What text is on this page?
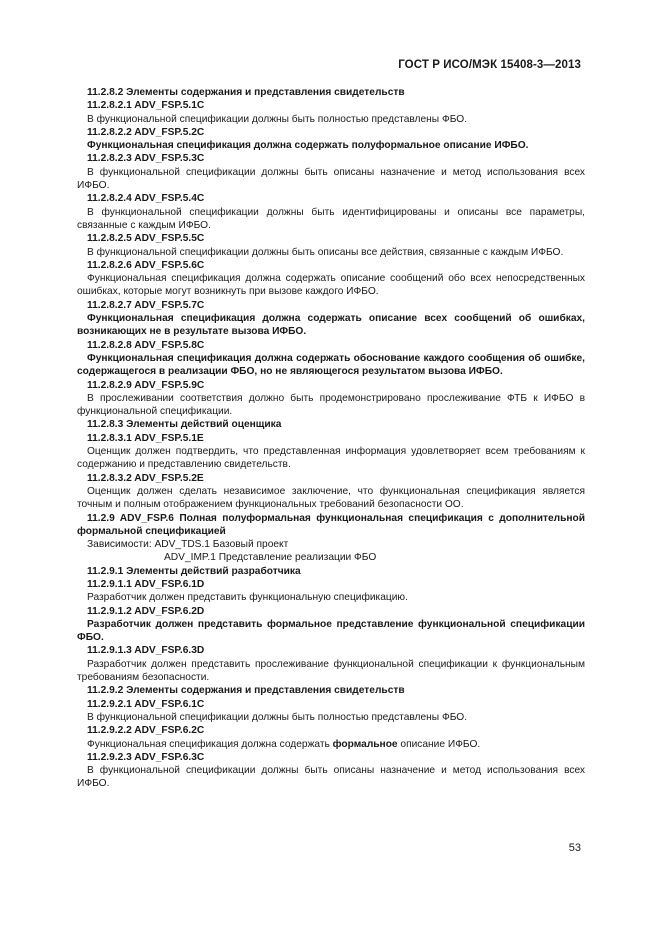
ГОСТ Р ИСО/МЭК 15408-3—2013
11.2.8.2 Элементы содержания и представления свидетельств
11.2.8.2.1 ADV_FSP.5.1C
В функциональной спецификации должны быть полностью представлены ФБО.
11.2.8.2.2 ADV_FSP.5.2C
Функциональная спецификация должна содержать полуформальное описание ИФБО.
11.2.8.2.3 ADV_FSP.5.3C
В функциональной спецификации должны быть описаны назначение и метод использования всех ИФБО.
11.2.8.2.4 ADV_FSP.5.4C
В функциональной спецификации должны быть идентифицированы и описаны все параметры, связанные с каждым ИФБО.
11.2.8.2.5 ADV_FSP.5.5C
В функциональной спецификации должны быть описаны все действия, связанные с каждым ИФБО.
11.2.8.2.6 ADV_FSP.5.6C
Функциональная спецификация должна содержать описание сообщений обо всех непосредственных ошибках, которые могут возникнуть при вызове каждого ИФБО.
11.2.8.2.7 ADV_FSP.5.7C
Функциональная спецификация должна содержать описание всех сообщений об ошибках, возникающих не в результате вызова ИФБО.
11.2.8.2.8 ADV_FSP.5.8C
Функциональная спецификация должна содержать обоснование каждого сообщения об ошибке, содержащегося в реализации ФБО, но не являющегося результатом вызова ИФБО.
11.2.8.2.9 ADV_FSP.5.9C
В прослеживании соответствия должно быть продемонстрировано прослеживание ФТБ к ИФБО в функциональной спецификации.
11.2.8.3 Элементы действий оценщика
11.2.8.3.1 ADV_FSP.5.1E
Оценщик должен подтвердить, что представленная информация удовлетворяет всем требованиям к содержанию и представлению свидетельств.
11.2.8.3.2 ADV_FSP.5.2E
Оценщик должен сделать независимое заключение, что функциональная спецификация является точным и полным отображением функциональных требований безопасности ОО.
11.2.9 ADV_FSP.6 Полная полуформальная функциональная спецификация с дополнительной формальной спецификацией
Зависимости: ADV_TDS.1 Базовый проект
ADV_IMP.1 Представление реализации ФБО
11.2.9.1 Элементы действий разработчика
11.2.9.1.1 ADV_FSP.6.1D
Разработчик должен представить функциональную спецификацию.
11.2.9.1.2 ADV_FSP.6.2D
Разработчик должен представить формальное представление функциональной спецификации ФБО.
11.2.9.1.3 ADV_FSP.6.3D
Разработчик должен представить прослеживание функциональной спецификации к функциональным требованиям безопасности.
11.2.9.2 Элементы содержания и представления свидетельств
11.2.9.2.1 ADV_FSP.6.1C
В функциональной спецификации должны быть полностью представлены ФБО.
11.2.9.2.2 ADV_FSP.6.2C
Функциональная спецификация должна содержать формальное описание ИФБО.
11.2.9.2.3 ADV_FSP.6.3C
В функциональной спецификации должны быть описаны назначение и метод использования всех ИФБО.
53
